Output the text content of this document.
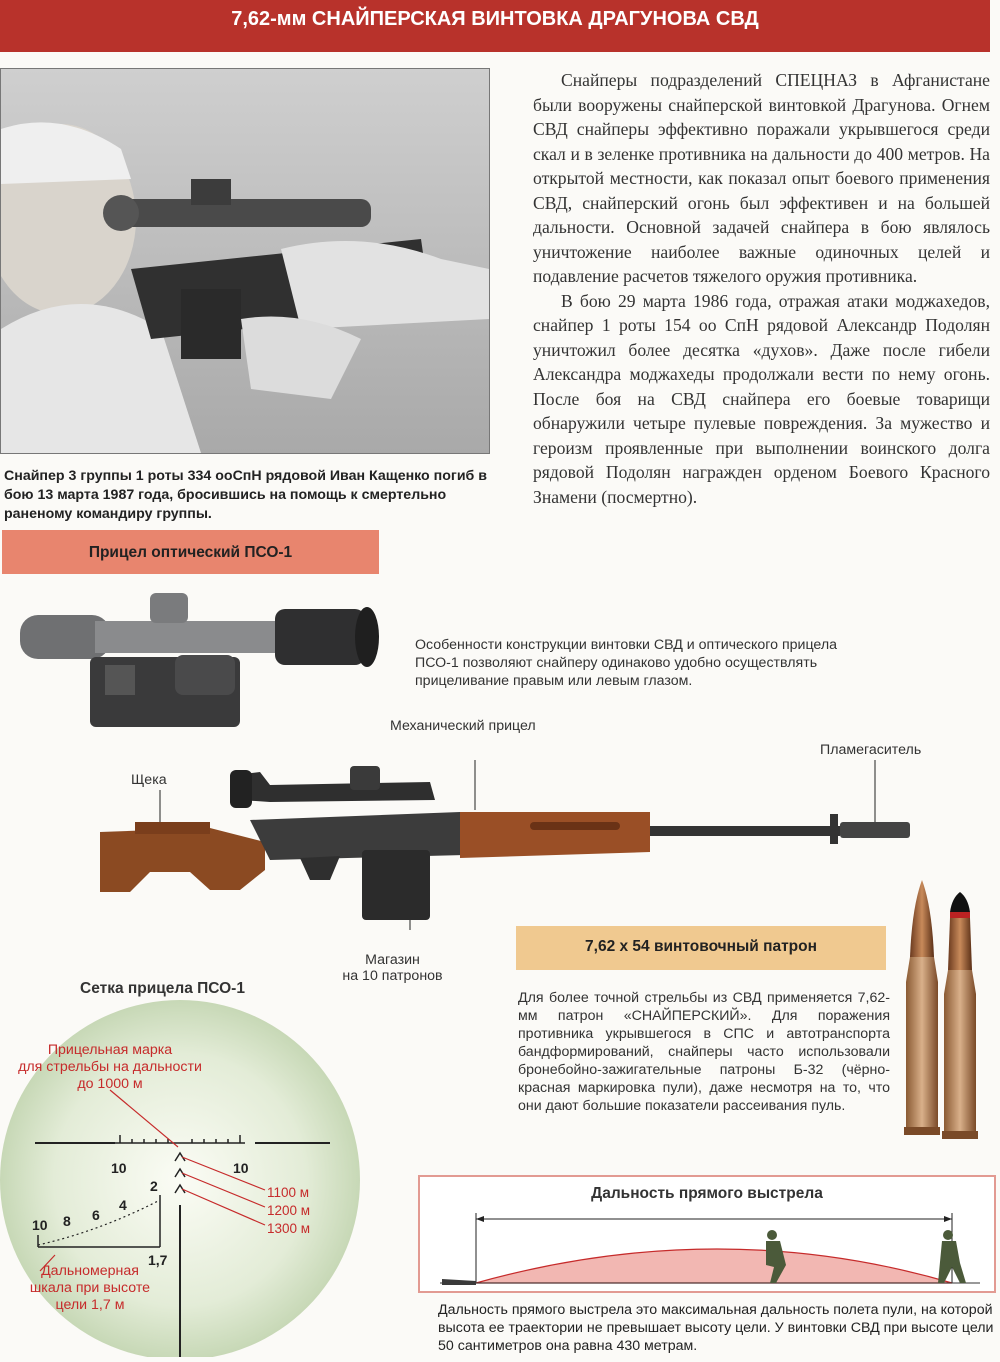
7,62-мм СНАЙПЕРСКАЯ ВИНТОВКА ДРАГУНОВА СВД
Снайпер 3 группы 1 роты 334 ооСпН рядовой Иван Кащенко погиб в бою 13 марта 1987 года, бросившись на помощь к смертельно раненому командиру группы.

Снайперы подразделений СПЕЦНАЗ в Афганистане были вооружены снайперской винтовкой Драгунова. Огнем СВД снайперы эффективно поражали укрывшегося среди скал и в зеленке противника на дальности до 400 метров. На открытой местности, как показал опыт боевого применения СВД, снайперский огонь был эффективен и на большей дальности. Основной задачей снайпера в бою являлось уничтожение наиболее важные одиночных целей и подавление расчетов тяжелого оружия противника.

В бою 29 марта 1986 года, отражая атаки моджахедов, снайпер 1 роты 154 оо СпН рядовой Александр Подолян уничтожил более десятка «духов». Даже после гибели Александра моджахеды продолжали вести по нему огонь. После боя на СВД снайпера его боевые товарищи обнаружили четыре пулевые повреждения. За мужество и героизм проявленные при выполнении воинского долга рядовой Подолян награжден орденом Боевого Красного Знамени (посмертно).

Прицел оптический ПСО-1
Особенности конструкции винтовки СВД и оптического прицела ПСО-1 позволяют снайперу одинаково удобно осуществлять прицеливание правым или левым глазом.
Механический прицел
Пламегаситель
Щека
Магазин
на 10 патронов
7,62 x 54 винтовочный патрон
Для более точной стрельбы из СВД применяется 7,62-мм патрон «СНАЙПЕРСКИЙ». Для поражения противника укрывшегося в СПС и автотранспорта бандформирований, снайперы часто использовали бронебойно-зажигательные патроны Б-32 (чёрно-красная маркировка пули), даже несмотря на то, что они дают большие показатели рассеивания пуль.
Сетка прицела ПСО-1
10	10
2
4
6
8
10
1,7
Прицельная марка
для стрельбы на дальности
до 1000 м
1100 м
1200 м
1300 м
Дальномерная
шкала при высоте
цели 1,7 м
Дальность прямого выстрела
Дальность прямого выстрела это максимальная дальность полета пули, на которой высота ее траектории не превышает высоту цели. У винтовки СВД при высоте цели 50 сантиметров она равна 430 метрам.
